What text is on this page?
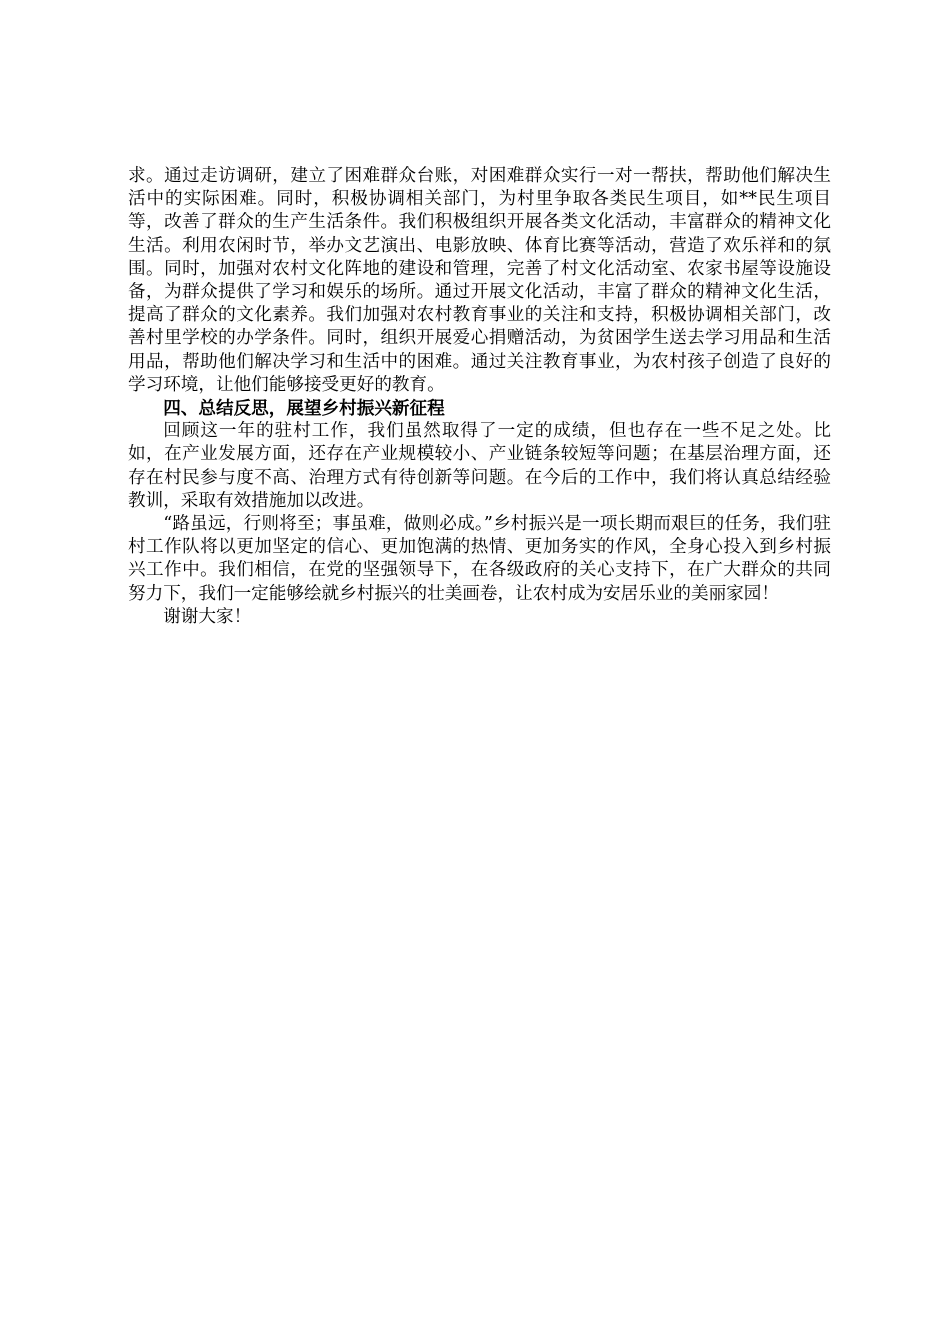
求。通过走访调研，建立了困难群众台账，对困难群众实行一对一帮扶，帮助他们解决生活中的实际困难。同时，积极协调相关部门，为村里争取各类民生项目，如**民生项目等，改善了群众的生产生活条件。我们积极组织开展各类文化活动，丰富群众的精神文化生活。利用农闲时节，举办文艺演出、电影放映、体育比赛等活动，营造了欢乐祥和的氛围。同时，加强对农村文化阵地的建设和管理，完善了村文化活动室、农家书屋等设施设备，为群众提供了学习和娱乐的场所。通过开展文化活动，丰富了群众的精神文化生活，提高了群众的文化素养。我们加强对农村教育事业的关注和支持，积极协调相关部门，改善村里学校的办学条件。同时，组织开展爱心捐赠活动，为贫困学生送去学习用品和生活用品，帮助他们解决学习和生活中的困难。通过关注教育事业，为农村孩子创造了良好的学习环境，让他们能够接受更好的教育。

四、总结反思，展望乡村振兴新征程

回顾这一年的驻村工作，我们虽然取得了一定的成绩，但也存在一些不足之处。比如，在产业发展方面，还存在产业规模较小、产业链条较短等问题；在基层治理方面，还存在村民参与度不高、治理方式有待创新等问题。在今后的工作中，我们将认真总结经验教训，采取有效措施加以改进。

“路虽远，行则将至；事虽难，做则必成。”乡村振兴是一项长期而艰巨的任务，我们驻村工作队将以更加坚定的信心、更加饱满的热情、更加务实的作风，全身心投入到乡村振兴工作中。我们相信，在党的坚强领导下，在各级政府的关心支持下，在广大群众的共同努力下，我们一定能够绘就乡村振兴的壮美画卷，让农村成为安居乐业的美丽家园！

谢谢大家！
